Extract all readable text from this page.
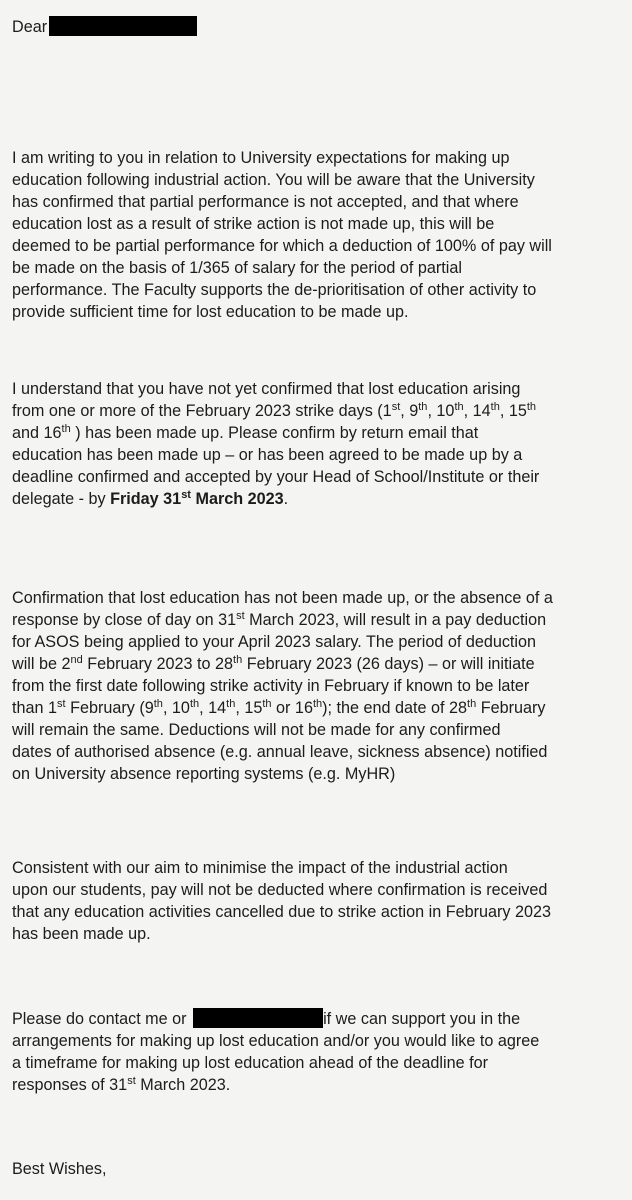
Dear

I am writing to you in relation to University expectations for making up
education following industrial action. You will be aware that the University
has confirmed that partial performance is not accepted, and that where
education lost as a result of strike action is not made up, this will be
deemed to be partial performance for which a deduction of 100% of pay will
be made on the basis of 1/365 of salary for the period of partial
performance. The Faculty supports the de-prioritisation of other activity to
provide sufficient time for lost education to be made up.

I understand that you have not yet confirmed that lost education arising
from one or more of the February 2023 strike days (1st, 9th, 10th, 14th, 15th
and 16th ) has been made up. Please confirm by return email that
education has been made up – or has been agreed to be made up by a
deadline confirmed and accepted by your Head of School/Institute or their
delegate - by Friday 31st March 2023.

Confirmation that lost education has not been made up, or the absence of a
response by close of day on 31st March 2023, will result in a pay deduction
for ASOS being applied to your April 2023 salary. The period of deduction
will be 2nd February 2023 to 28th February 2023 (26 days) – or will initiate
from the first date following strike activity in February if known to be later
than 1st February (9th, 10th, 14th, 15th or 16th); the end date of 28th February
will remain the same. Deductions will not be made for any confirmed
dates of authorised absence (e.g. annual leave, sickness absence) notified
on University absence reporting systems (e.g. MyHR)

Consistent with our aim to minimise the impact of the industrial action
upon our students, pay will not be deducted where confirmation is received
that any education activities cancelled due to strike action in February 2023
has been made up.

Please do contact me or	if we can support you in the
arrangements for making up lost education and/or you would like to agree
a timeframe for making up lost education ahead of the deadline for
responses of 31st March 2023.

Best Wishes,
